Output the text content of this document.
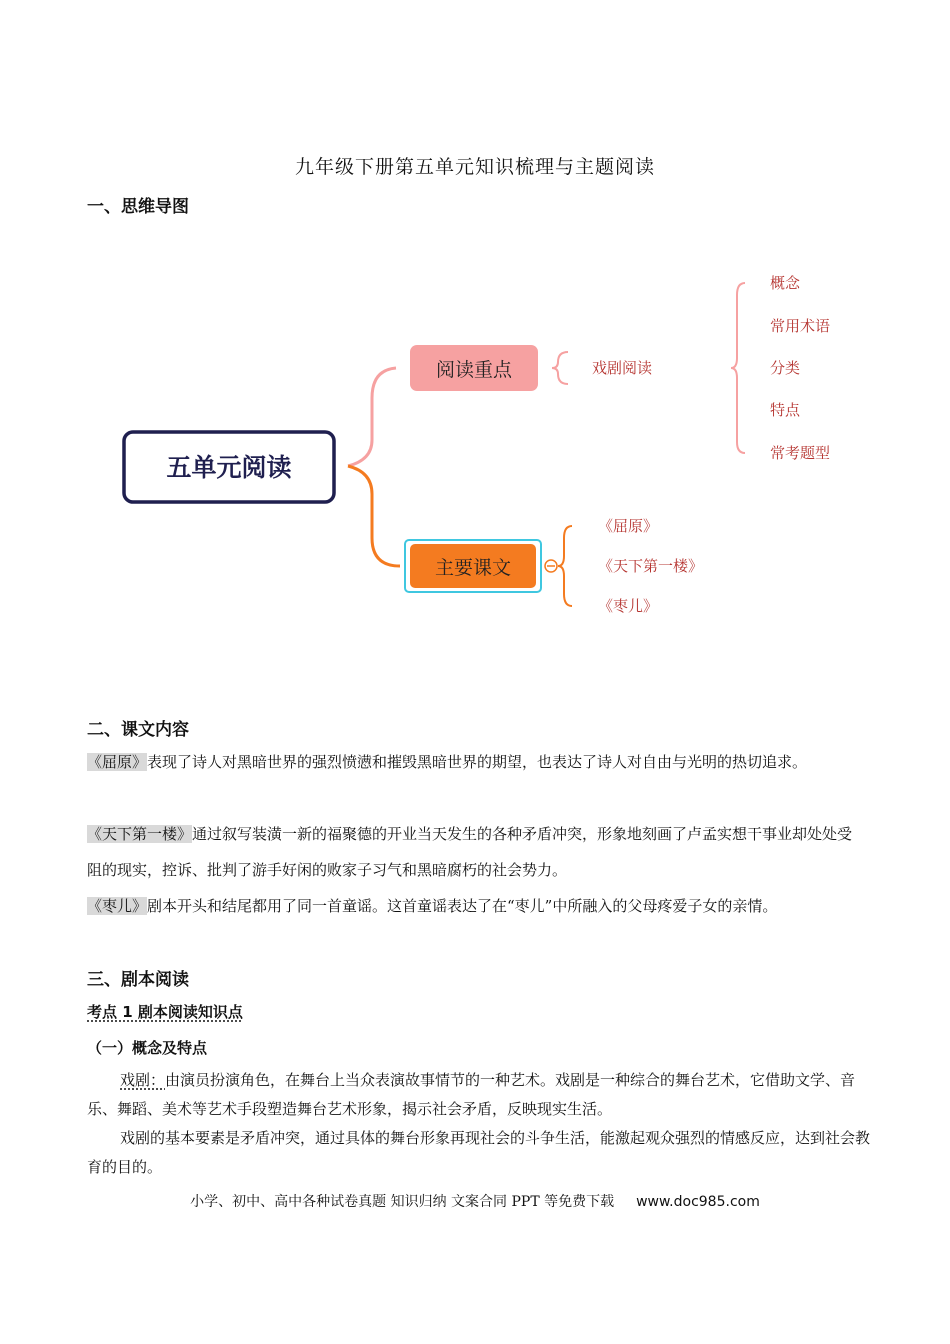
九年级下册第五单元知识梳理与主题阅读
一、思维导图
五单元阅读
阅读重点	戏剧阅读
概念
常用术语
分类
特点
常考题型
主要课文
《屈原》
《天下第一楼》
《枣儿》
二、课文内容
《屈原》表现了诗人对黑暗世界的强烈愤懑和摧毁黑暗世界的期望，也表达了诗人对自由与光明的热切追求。
《天下第一楼》通过叙写装潢一新的福聚德的开业当天发生的各种矛盾冲突，形象地刻画了卢孟实想干事业却处处受阻的现实，控诉、批判了游手好闲的败家子习气和黑暗腐朽的社会势力。
《枣儿》剧本开头和结尾都用了同一首童谣。这首童谣表达了在“枣儿”中所融入的父母疼爱子女的亲情。
三、剧本阅读
考点 1 剧本阅读知识点
（一）概念及特点
戏剧：由演员扮演角色，在舞台上当众表演故事情节的一种艺术。戏剧是一种综合的舞台艺术，它借助文学、音乐、舞蹈、美术等艺术手段塑造舞台艺术形象，揭示社会矛盾，反映现实生活。
戏剧的基本要素是矛盾冲突，通过具体的舞台形象再现社会的斗争生活，能激起观众强烈的情感反应，达到社会教育的目的。
小学、初中、高中各种试卷真题 知识归纳 文案合同 PPT 等免费下载 www.doc985.com
